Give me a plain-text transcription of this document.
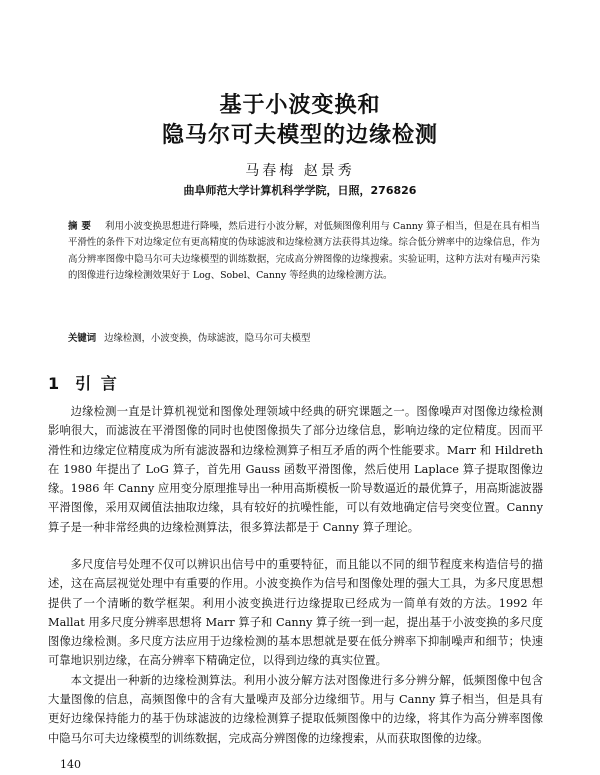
基于小波变换和
隐马尔可夫模型的边缘检测
马春梅 赵景秀
曲阜师范大学计算机科学学院，日照，276826
摘要 利用小波变换思想进行降噪，然后进行小波分解，对低频图像利用与 Canny 算子相当，但是在具有相当平滑性的条件下对边缘定位有更高精度的伪球滤波和边缘检测方法获得其边缘。综合低分辨率中的边缘信息，作为高分辨率图像中隐马尔可夫边缘模型的训练数据，完成高分辨图像的边缘搜索。实验证明，这种方法对有噪声污染的图像进行边缘检测效果好于 Log、Sobel、Canny 等经典的边缘检测方法。
关键词 边缘检测，小波变换，伪球滤波，隐马尔可夫模型
1 引 言

边缘检测一直是计算机视觉和图像处理领域中经典的研究课题之一。图像噪声对图像边缘检测影响很大，而滤波在平滑图像的同时也使图像损失了部分边缘信息，影响边缘的定位精度。因而平滑性和边缘定位精度成为所有滤波器和边缘检测算子相互矛盾的两个性能要求。Marr 和 Hildreth 在 1980 年提出了 LoG 算子，首先用 Gauss 函数平滑图像，然后使用 Laplace 算子提取图像边缘。1986 年 Canny 应用变分原理推导出一种用高斯模板一阶导数逼近的最优算子，用高斯滤波器平滑图像，采用双阈值法抽取边缘，具有较好的抗噪性能，可以有效地确定信号突变位置。Canny 算子是一种非常经典的边缘检测算法，很多算法都是于 Canny 算子理论。

多尺度信号处理不仅可以辨识出信号中的重要特征，而且能以不同的细节程度来构造信号的描述，这在高层视觉处理中有重要的作用。小波变换作为信号和图像处理的强大工具，为多尺度思想提供了一个清晰的数学框架。利用小波变换进行边缘提取已经成为一简单有效的方法。1992 年 Mallat 用多尺度分辨率思想将 Marr 算子和 Canny 算子统一到一起，提出基于小波变换的多尺度图像边缘检测。多尺度方法应用于边缘检测的基本思想就是要在低分辨率下抑制噪声和细节；快速可靠地识别边缘，在高分辨率下精确定位，以得到边缘的真实位置。

本文提出一种新的边缘检测算法。利用小波分解方法对图像进行多分辨分解，低频图像中包含大量图像的信息，高频图像中的含有大量噪声及部分边缘细节。用与 Canny 算子相当，但是具有更好边缘保持能力的基于伪球滤波的边缘检测算子提取低频图像中的边缘，将其作为高分辨率图像中隐马尔可夫边缘模型的训练数据，完成高分辨图像的边缘搜索，从而获取图像的边缘。

140
